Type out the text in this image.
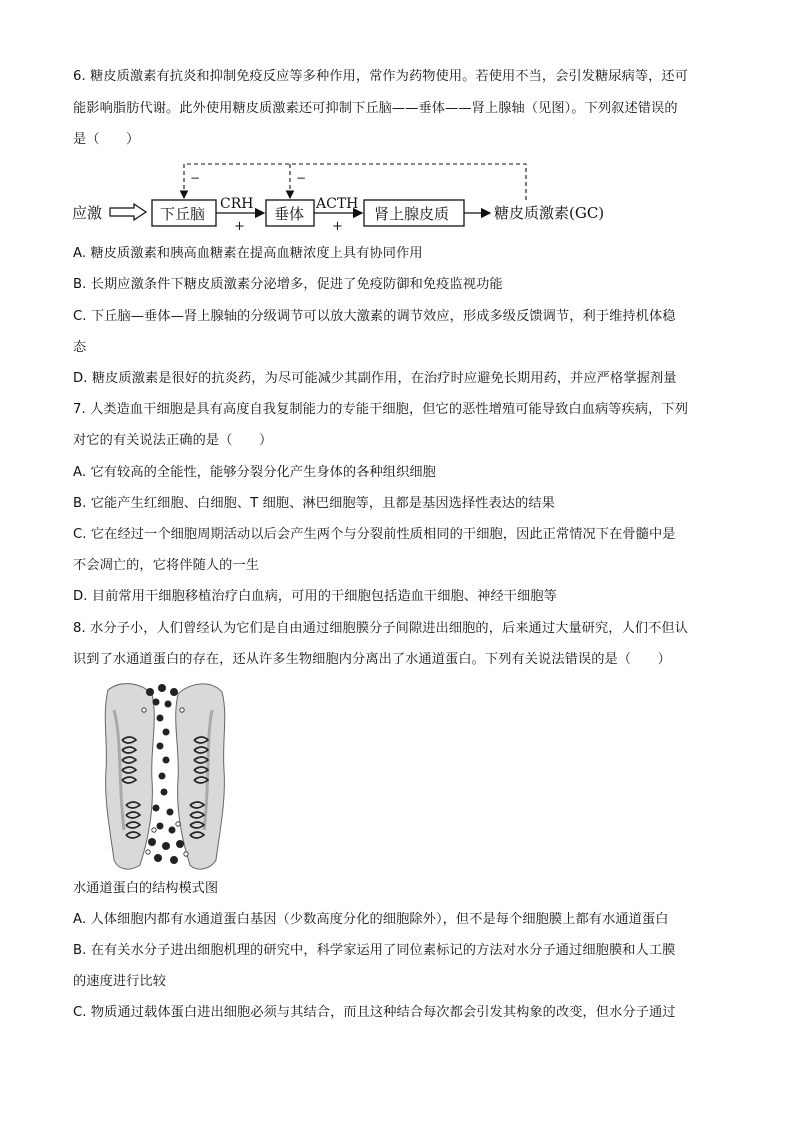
6. 糖皮质激素有抗炎和抑制免疫反应等多种作用，常作为药物使用。若使用不当，会引发糖尿病等，还可
能影响脂肪代谢。此外使用糖皮质激素还可抑制下丘脑——垂体——肾上腺轴（见图）。下列叙述错误的
是（　　）
应激	下丘脑
CRH
+
垂体
ACTH
+
肾上腺皮质	糖皮质激素(GC)
−	−
A. 糖皮质激素和胰高血糖素在提高血糖浓度上具有协同作用
B. 长期应激条件下糖皮质激素分泌增多，促进了免疫防御和免疫监视功能
C. 下丘脑—垂体—肾上腺轴的分级调节可以放大激素的调节效应，形成多级反馈调节，利于维持机体稳
态
D. 糖皮质激素是很好的抗炎药，为尽可能减少其副作用，在治疗时应避免长期用药，并应严格掌握剂量
7. 人类造血干细胞是具有高度自我复制能力的专能干细胞，但它的恶性增殖可能导致白血病等疾病，下列
对它的有关说法正确的是（　　）
A. 它有较高的全能性，能够分裂分化产生身体的各种组织细胞
B. 它能产生红细胞、白细胞、T 细胞、淋巴细胞等，且都是基因选择性表达的结果
C. 它在经过一个细胞周期活动以后会产生两个与分裂前性质相同的干细胞，因此正常情况下在骨髓中是
不会凋亡的，它将伴随人的一生
D. 目前常用干细胞移植治疗白血病，可用的干细胞包括造血干细胞、神经干细胞等
8. 水分子小，人们曾经认为它们是自由通过细胞膜分子间隙进出细胞的，后来通过大量研究，人们不但认
识到了水通道蛋白的存在，还从许多生物细胞内分离出了水通道蛋白。下列有关说法错误的是（　　）
水通道蛋白的结构模式图
A. 人体细胞内都有水通道蛋白基因（少数高度分化的细胞除外），但不是每个细胞膜上都有水通道蛋白
B. 在有关水分子进出细胞机理的研究中，科学家运用了同位素标记的方法对水分子通过细胞膜和人工膜
的速度进行比较
C. 物质通过载体蛋白进出细胞必须与其结合，而且这种结合每次都会引发其构象的改变，但水分子通过
